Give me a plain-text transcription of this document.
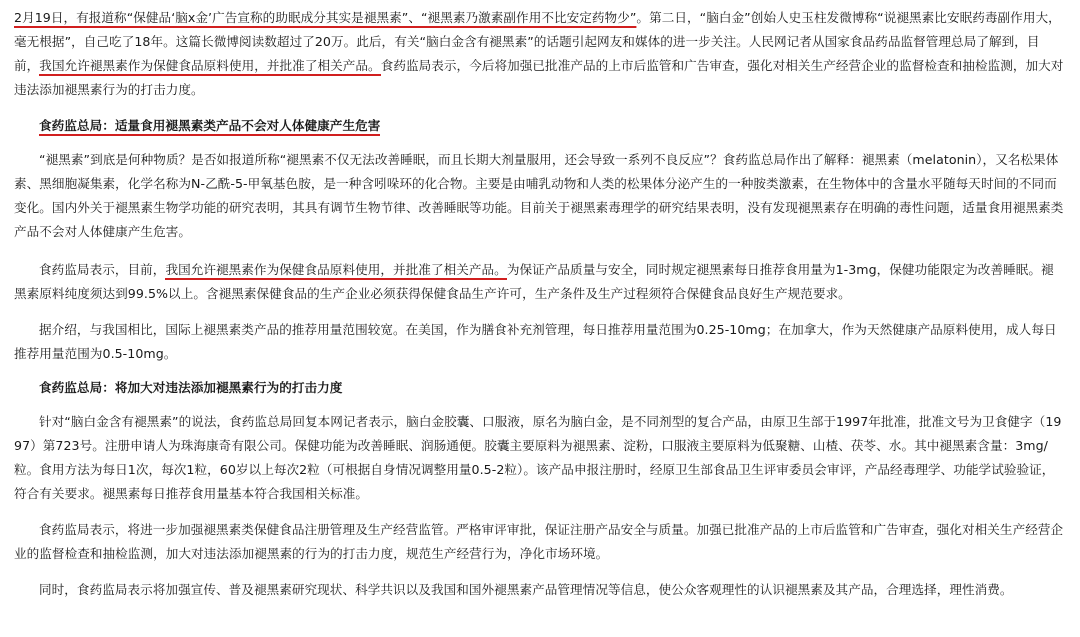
2月19日，有报道称“保健品‘脑x金’广告宣称的助眠成分其实是褪黑素”、“褪黑素乃激素副作用不比安定药物少”。第二日，“脑白金”创始人史玉柱发微博称“说褪黑素比安眠药毒副作用大，毫无根据”，自己吃了18年。这篇长微博阅读数超过了20万。此后，有关“脑白金含有褪黑素”的话题引起网友和媒体的进一步关注。人民网记者从国家食品药品监督管理总局了解到，目前，我国允许褪黑素作为保健食品原料使用，并批准了相关产品。食药监局表示，今后将加强已批准产品的上市后监管和广告审查，强化对相关生产经营企业的监督检查和抽检监测，加大对违法添加褪黑素行为的打击力度。

食药监总局：适量食用褪黑素类产品不会对人体健康产生危害

“褪黑素”到底是何种物质？是否如报道所称“褪黑素不仅无法改善睡眠，而且长期大剂量服用，还会导致一系列不良反应”？食药监总局作出了解释：褪黑素（melatonin），又名松果体素、黑细胞凝集素，化学名称为N-乙酰-5-甲氧基色胺，是一种含吲哚环的化合物。主要是由哺乳动物和人类的松果体分泌产生的一种胺类激素，在生物体中的含量水平随每天时间的不同而变化。国内外关于褪黑素生物学功能的研究表明，其具有调节生物节律、改善睡眠等功能。目前关于褪黑素毒理学的研究结果表明，没有发现褪黑素存在明确的毒性问题，适量食用褪黑素类产品不会对人体健康产生危害。

食药监局表示，目前，我国允许褪黑素作为保健食品原料使用，并批准了相关产品。为保证产品质量与安全，同时规定褪黑素每日推荐食用量为1-3mg，保健功能限定为改善睡眠。褪黑素原料纯度须达到99.5%以上。含褪黑素保健食品的生产企业必须获得保健食品生产许可，生产条件及生产过程须符合保健食品良好生产规范要求。

据介绍，与我国相比，国际上褪黑素类产品的推荐用量范围较宽。在美国，作为膳食补充剂管理，每日推荐用量范围为0.25-10mg；在加拿大，作为天然健康产品原料使用，成人每日推荐用量范围为0.5-10mg。

食药监总局：将加大对违法添加褪黑素行为的打击力度

针对“脑白金含有褪黑素”的说法，食药监总局回复本网记者表示，脑白金胶囊、口服液，原名为脑白金，是不同剂型的复合产品，由原卫生部于1997年批准，批准文号为卫食健字（1997）第723号。注册申请人为珠海康奇有限公司。保健功能为改善睡眠、润肠通便。胶囊主要原料为褪黑素、淀粉，口服液主要原料为低聚糖、山楂、茯苓、水。其中褪黑素含量：3mg/粒。食用方法为每日1次，每次1粒，60岁以上每次2粒（可根据自身情况调整用量0.5-2粒）。该产品申报注册时，经原卫生部食品卫生评审委员会审评，产品经毒理学、功能学试验验证，符合有关要求。褪黑素每日推荐食用量基本符合我国相关标准。

食药监局表示，将进一步加强褪黑素类保健食品注册管理及生产经营监管。严格审评审批，保证注册产品安全与质量。加强已批准产品的上市后监管和广告审查，强化对相关生产经营企业的监督检查和抽检监测，加大对违法添加褪黑素的行为的打击力度，规范生产经营行为，净化市场环境。

同时，食药监局表示将加强宣传、普及褪黑素研究现状、科学共识以及我国和国外褪黑素产品管理情况等信息，使公众客观理性的认识褪黑素及其产品，合理选择，理性消费。
